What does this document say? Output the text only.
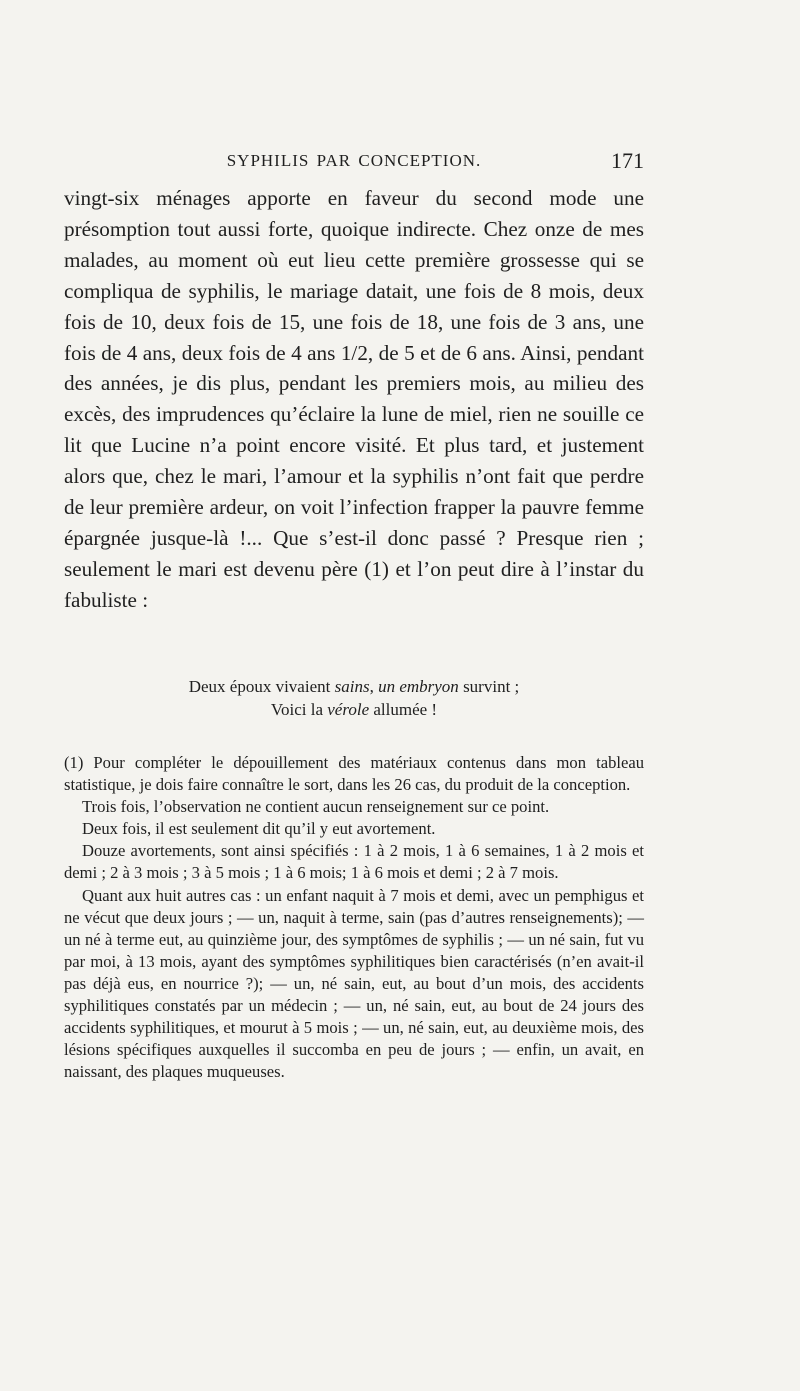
SYPHILIS PAR CONCEPTION.	171

vingt-six ménages apporte en faveur du second mode une présomption tout aussi forte, quoique indirecte. Chez onze de mes malades, au moment où eut lieu cette première grossesse qui se compliqua de syphilis, le mariage datait, une fois de 8 mois, deux fois de 10, deux fois de 15, une fois de 18, une fois de 3 ans, une fois de 4 ans, deux fois de 4 ans 1/2, de 5 et de 6 ans. Ainsi, pendant des années, je dis plus, pendant les premiers mois, au milieu des excès, des imprudences qu’éclaire la lune de miel, rien ne souille ce lit que Lucine n’a point encore visité. Et plus tard, et justement alors que, chez le mari, l’amour et la syphilis n’ont fait que perdre de leur première ardeur, on voit l’infection frapper la pauvre femme épargnée jusque-là !... Que s’est-il donc passé ? Presque rien ; seulement le mari est devenu père (1) et l’on peut dire à l’instar du fabuliste :

Deux époux vivaient sains, un embryon survint ;
Voici la vérole allumée !

(1) Pour compléter le dépouillement des matériaux contenus dans mon tableau statistique, je dois faire connaître le sort, dans les 26 cas, du produit de la conception.

Trois fois, l’observation ne contient aucun renseignement sur ce point.

Deux fois, il est seulement dit qu’il y eut avortement.

Douze avortements, sont ainsi spécifiés : 1 à 2 mois, 1 à 6 semaines, 1 à 2 mois et demi ; 2 à 3 mois ; 3 à 5 mois ; 1 à 6 mois; 1 à 6 mois et demi ; 2 à 7 mois.

Quant aux huit autres cas : un enfant naquit à 7 mois et demi, avec un pemphigus et ne vécut que deux jours ; — un, naquit à terme, sain (pas d’autres renseignements); — un né à terme eut, au quinzième jour, des symptômes de syphilis ; — un né sain, fut vu par moi, à 13 mois, ayant des symptômes syphilitiques bien caractérisés (n’en avait-il pas déjà eus, en nourrice ?); — un, né sain, eut, au bout d’un mois, des accidents syphilitiques constatés par un médecin ; — un, né sain, eut, au bout de 24 jours des accidents syphilitiques, et mourut à 5 mois ; — un, né sain, eut, au deuxième mois, des lésions spécifiques auxquelles il succomba en peu de jours ; — enfin, un avait, en naissant, des plaques muqueuses.
